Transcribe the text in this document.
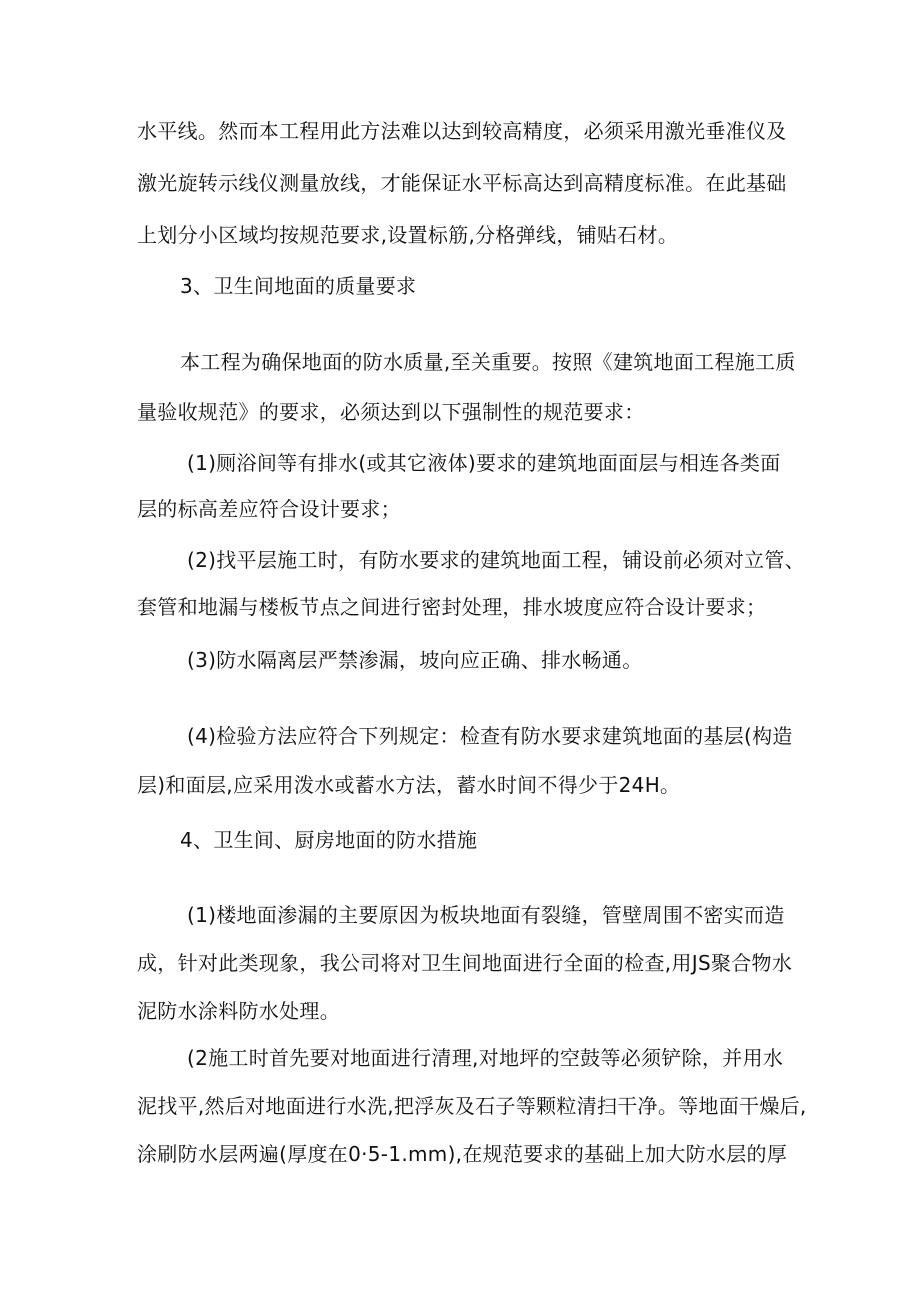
水平线。然而本工程用此方法难以达到较高精度，必须采用激光垂准仪及
激光旋转示线仪测量放线，才能保证水平标高达到高精度标准。在此基础
上划分小区域均按规范要求,设置标筋,分格弹线，铺贴石材。
3、卫生间地面的质量要求
本工程为确保地面的防水质量,至关重要。按照《建筑地面工程施工质
量验收规范》的要求，必须达到以下强制性的规范要求：
(1)厕浴间等有排水(或其它液体)要求的建筑地面面层与相连各类面
层的标高差应符合设计要求；
(2)找平层施工时，有防水要求的建筑地面工程，铺设前必须对立管、
套管和地漏与楼板节点之间进行密封处理，排水坡度应符合设计要求；
(3)防水隔离层严禁渗漏，坡向应正确、排水畅通。
(4)检验方法应符合下列规定：检查有防水要求建筑地面的基层(构造
层)和面层,应采用泼水或蓄水方法，蓄水时间不得少于24H。
4、卫生间、厨房地面的防水措施
(1)楼地面渗漏的主要原因为板块地面有裂缝，管壁周围不密实而造
成，针对此类现象，我公司将对卫生间地面进行全面的检查,用JS聚合物水
泥防水涂料防水处理。
(2施工时首先要对地面进行清理,对地坪的空鼓等必须铲除，并用水
泥找平,然后对地面进行水洗,把浮灰及石子等颗粒清扫干净。等地面干燥后,
涂刷防水层两遍(厚度在0·5-1.mm),在规范要求的基础上加大防水层的厚
